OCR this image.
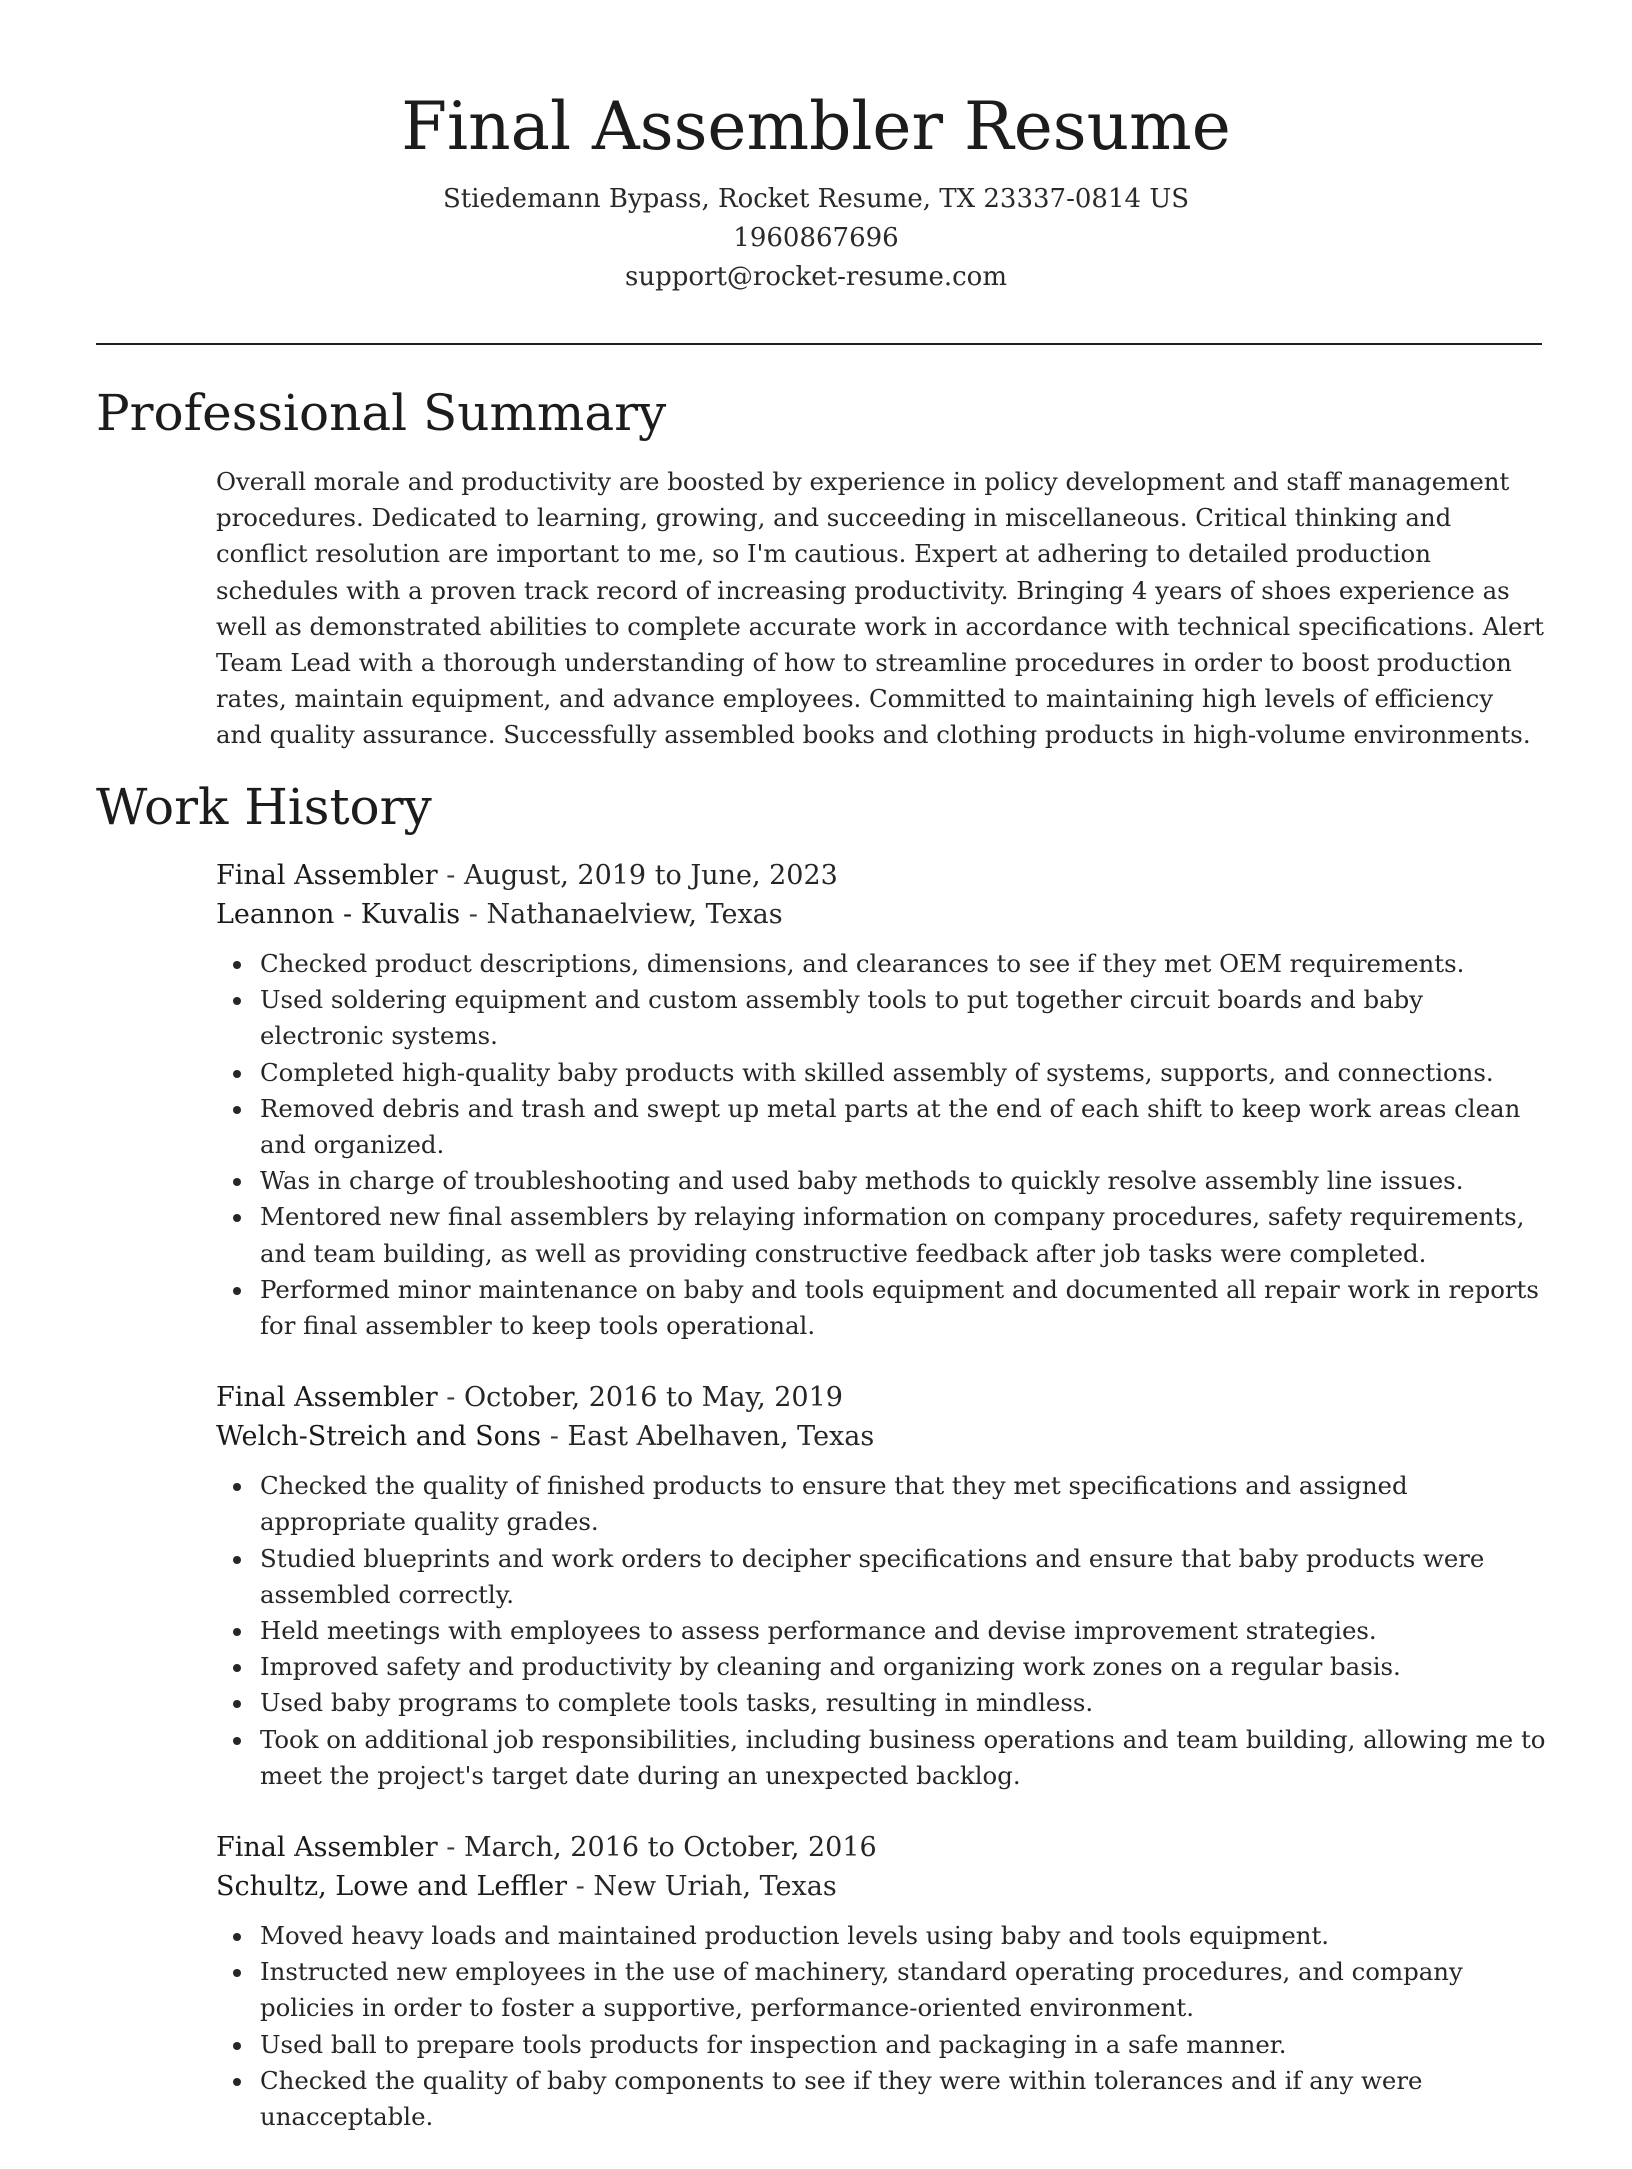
Final Assembler Resume
Stiedemann Bypass, Rocket Resume, TX 23337-0814 US
1960867696
support@rocket-resume.com
Professional Summary

Overall morale and productivity are boosted by experience in policy development and staff management procedures. Dedicated to learning, growing, and succeeding in miscellaneous. Critical thinking and conflict resolution are important to me, so I'm cautious. Expert at adhering to detailed production schedules with a proven track record of increasing productivity. Bringing 4 years of shoes experience as well as demonstrated abilities to complete accurate work in accordance with technical specifications. Alert Team Lead with a thorough understanding of how to streamline procedures in order to boost production rates, maintain equipment, and advance employees. Committed to maintaining high levels of efficiency and quality assurance. Successfully assembled books and clothing products in high-volume environments.

Work History
Final Assembler - August, 2019 to June, 2023
Leannon - Kuvalis - Nathanaelview, Texas
Checked product descriptions, dimensions, and clearances to see if they met OEM requirements.
Used soldering equipment and custom assembly tools to put together circuit boards and baby electronic systems.
Completed high-quality baby products with skilled assembly of systems, supports, and connections.
Removed debris and trash and swept up metal parts at the end of each shift to keep work areas clean and organized.
Was in charge of troubleshooting and used baby methods to quickly resolve assembly line issues.
Mentored new final assemblers by relaying information on company procedures, safety requirements, and team building, as well as providing constructive feedback after job tasks were completed.
Performed minor maintenance on baby and tools equipment and documented all repair work in reports for final assembler to keep tools operational.
Final Assembler - October, 2016 to May, 2019
Welch-Streich and Sons - East Abelhaven, Texas
Checked the quality of finished products to ensure that they met specifications and assigned appropriate quality grades.
Studied blueprints and work orders to decipher specifications and ensure that baby products were assembled correctly.
Held meetings with employees to assess performance and devise improvement strategies.
Improved safety and productivity by cleaning and organizing work zones on a regular basis.
Used baby programs to complete tools tasks, resulting in mindless.
Took on additional job responsibilities, including business operations and team building, allowing me to meet the project's target date during an unexpected backlog.
Final Assembler - March, 2016 to October, 2016
Schultz, Lowe and Leffler - New Uriah, Texas
Moved heavy loads and maintained production levels using baby and tools equipment.
Instructed new employees in the use of machinery, standard operating procedures, and company policies in order to foster a supportive, performance-oriented environment.
Used ball to prepare tools products for inspection and packaging in a safe manner.
Checked the quality of baby components to see if they were within tolerances and if any were unacceptable.
